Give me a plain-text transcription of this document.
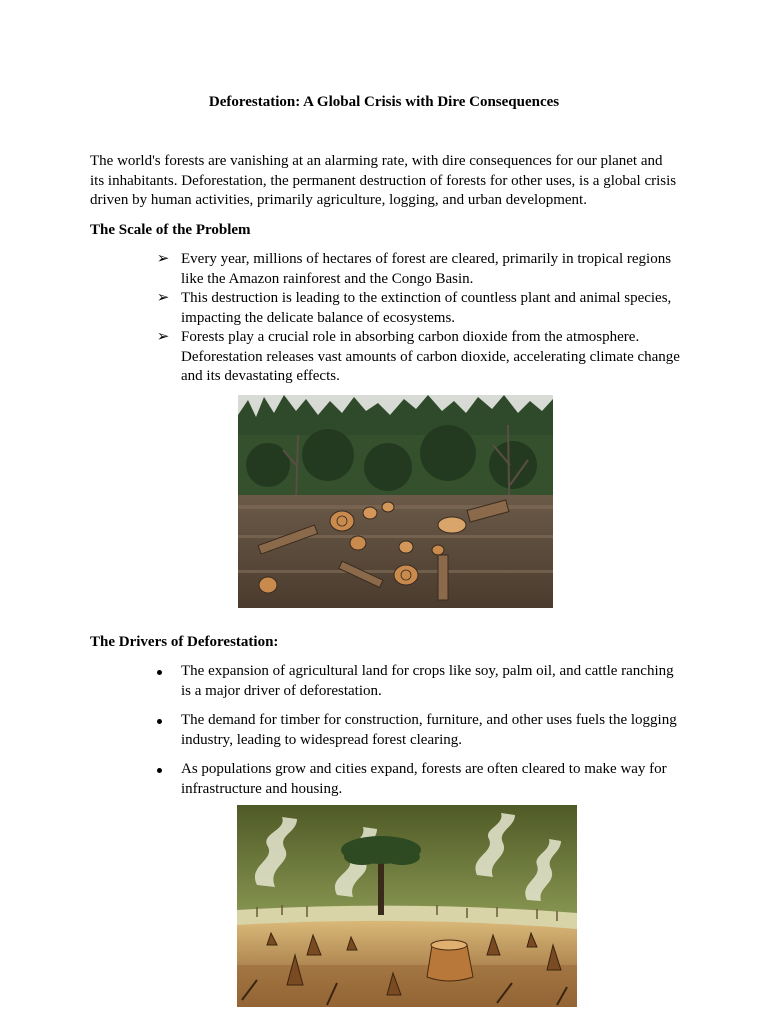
Deforestation: A Global Crisis with Dire Consequences
The world's forests are vanishing at an alarming rate, with dire consequences for our planet and its inhabitants. Deforestation, the permanent destruction of forests for other uses, is a global crisis driven by human activities, primarily agriculture, logging, and urban development.
The Scale of the Problem
➢ Every year, millions of hectares of forest are cleared, primarily in tropical regions like the Amazon rainforest and the Congo Basin.
➢ This destruction is leading to the extinction of countless plant and animal species, impacting the delicate balance of ecosystems.
➢ Forests play a crucial role in absorbing carbon dioxide from the atmosphere. Deforestation releases vast amounts of carbon dioxide, accelerating climate change and its devastating effects.
The Drivers of Deforestation:
The expansion of agricultural land for crops like soy, palm oil, and cattle ranching is a major driver of deforestation.
The demand for timber for construction, furniture, and other uses fuels the logging industry, leading to widespread forest clearing.
As populations grow and cities expand, forests are often cleared to make way for infrastructure and housing.
